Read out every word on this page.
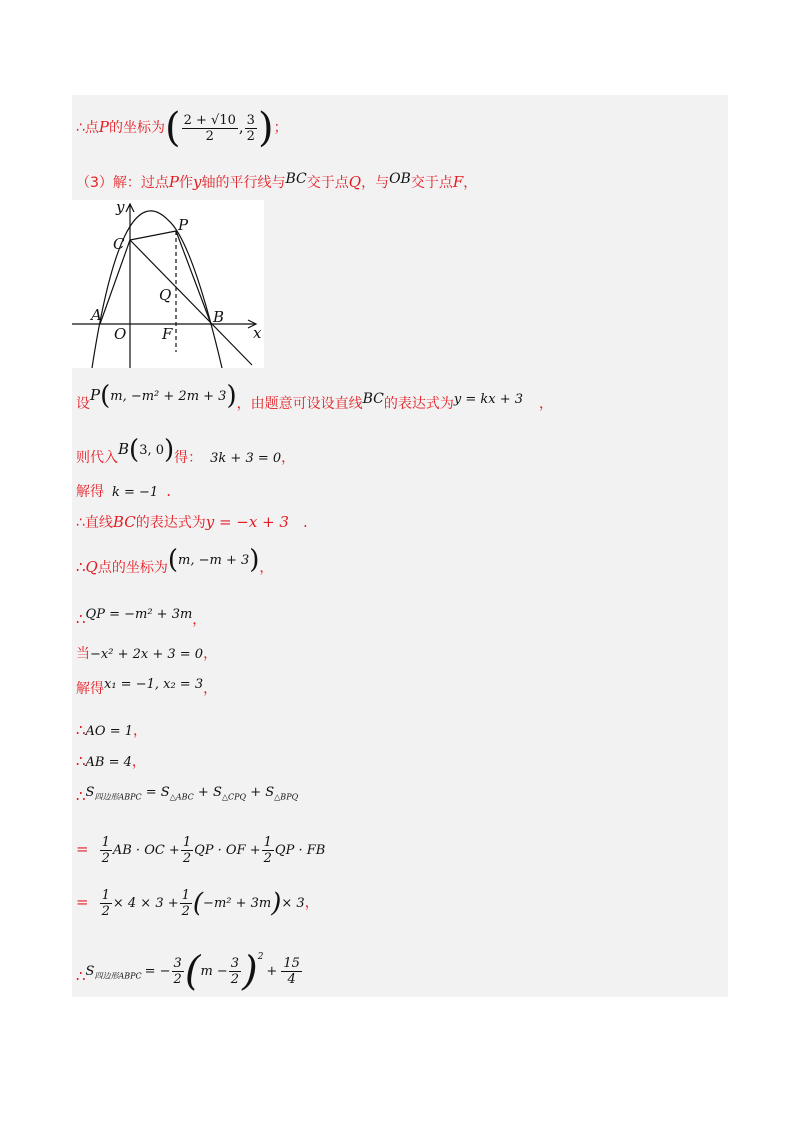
∴点P的坐标为( $\frac{2 + √10}{2}$ , $\frac{3}{2}$ )；
（3）解：过点P作y轴的平行线与BC交于点Q，与OB交于点F，
y
x
C
P
Q
A
O F
B
设P(m, −m² + 2m + 3)，由题意可设设直线BC的表达式为y = kx + 3 ，
则代入B(3, 0)得： 3k + 3 = 0，
解得 k = −1 .
∴直线BC的表达式为y = −x + 3 .
∴Q点的坐标为(m, −m + 3)，
∴QP = −m² + 3m，
当−x² + 2x + 3 = 0，
解得x₁ = −1, x₂ = 3，
∴AO = 1，
∴AB = 4，
$\therefore S_{四边形ABPC} = S_{\triangle ABC} + S_{\triangle CPQ} + S_{\triangle BPQ}$
= $\frac{1}{2}$ AB · OC + $\frac{1}{2}$ QP · OF + $\frac{1}{2}$ QP · FB
= $\frac{1}{2} \times 4 \times 3 + \frac{1}{2} (-m^2 + 3m)\times 3$，
$\therefore S_{四边形ABPC}$ = − $\frac{3}{2} (m - \frac{3}{2} )^2+ \frac{15}{4}$
